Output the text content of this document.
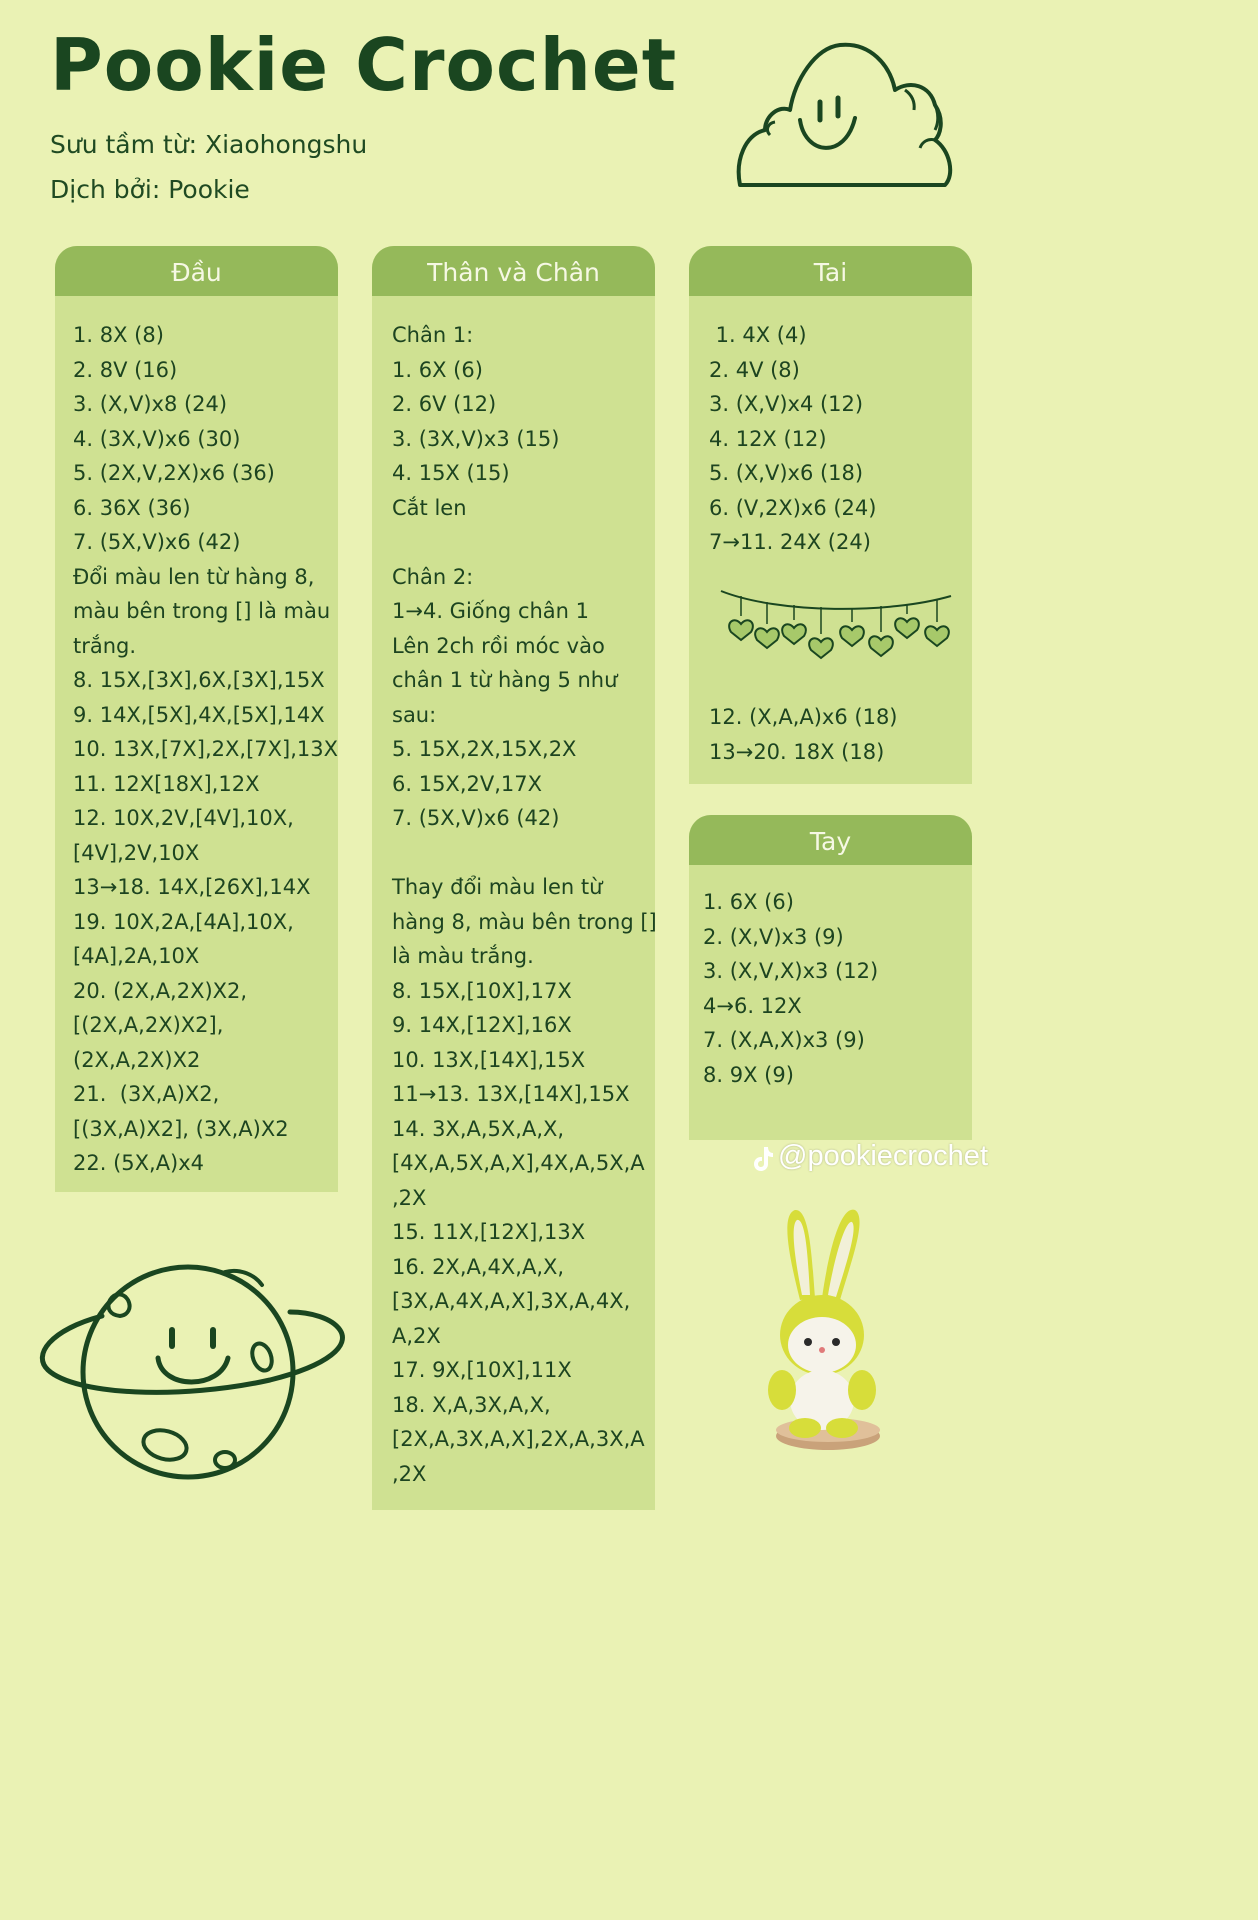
Pookie Crochet
Sưu tầm từ: Xiaohongshu
Dịch bởi: Pookie
Đầu
1. 8X (8)
2. 8V (16)
3. (X,V)x8 (24)
4. (3X,V)x6 (30)
5. (2X,V,2X)x6 (36)
6. 36X (36)
7. (5X,V)x6 (42)
Đổi màu len từ hàng 8,
màu bên trong [] là màu
trắng.
8. 15X,[3X],6X,[3X],15X
9. 14X,[5X],4X,[5X],14X
10. 13X,[7X],2X,[7X],13X
11. 12X[18X],12X
12. 10X,2V,[4V],10X,
[4V],2V,10X
13→18. 14X,[26X],14X
19. 10X,2A,[4A],10X,
[4A],2A,10X
20. (2X,A,2X)X2,
[(2X,A,2X)X2],
(2X,A,2X)X2
21.  (3X,A)X2,
[(3X,A)X2], (3X,A)X2
22. (5X,A)x4
Thân và Chân
Chân 1:
1. 6X (6)
2. 6V (12)
3. (3X,V)x3 (15)
4. 15X (15)
Cắt len
Chân 2:
1→4. Giống chân 1
Lên 2ch rồi móc vào
chân 1 từ hàng 5 như
sau:
5. 15X,2X,15X,2X
6. 15X,2V,17X
7. (5X,V)x6 (42)
Thay đổi màu len từ
hàng 8, màu bên trong []
là màu trắng.
8. 15X,[10X],17X
9. 14X,[12X],16X
10. 13X,[14X],15X
11→13. 13X,[14X],15X
14. 3X,A,5X,A,X,
[4X,A,5X,A,X],4X,A,5X,A
,2X
15. 11X,[12X],13X
16. 2X,A,4X,A,X,
[3X,A,4X,A,X],3X,A,4X,
A,2X
17. 9X,[10X],11X
18. X,A,3X,A,X,
[2X,A,3X,A,X],2X,A,3X,A
,2X
Tai
1. 4X (4)
2. 4V (8)
3. (X,V)x4 (12)
4. 12X (12)
5. (X,V)x6 (18)
6. (V,2X)x6 (24)
7→11. 24X (24)
12. (X,A,A)x6 (18)
13→20. 18X (18)
Tay
1. 6X (6)
2. (X,V)x3 (9)
3. (X,V,X)x3 (12)
4→6. 12X
7. (X,A,X)x3 (9)
8. 9X (9)
@pookiecrochet
